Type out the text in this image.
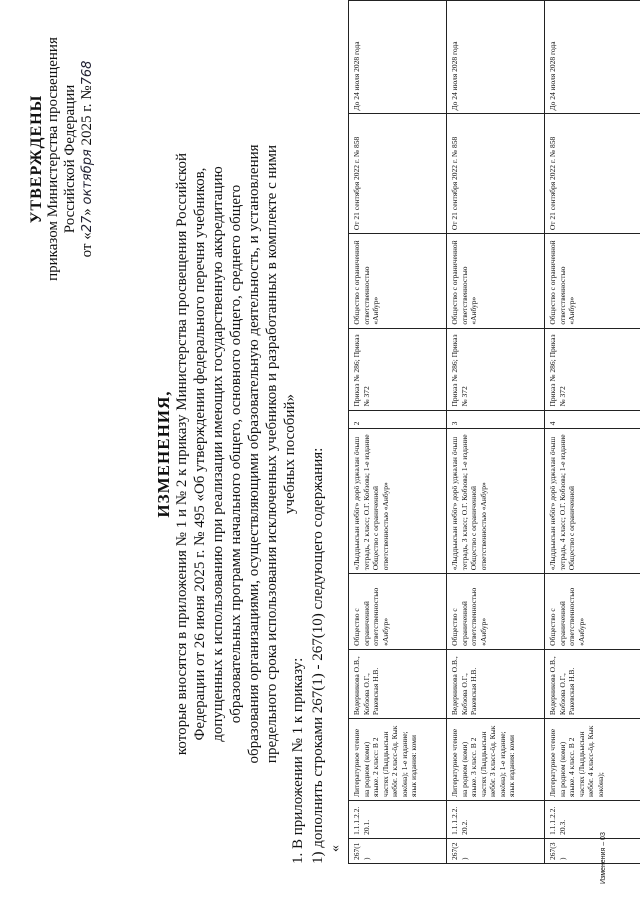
УТВЕРЖДЕНЫ приказом Министерства просвещения Российской Федерации
от «27» октября 2025 г. №768
ИЗМЕНЕНИЯ, которые вносятся в приложения № 1 и № 2 к приказу Министерства просвещения Российской Федерации от 26 июня 2025 г. № 495 «Об утверждении федерального перечня учебников, допущенных к использованию при реализации имеющих государственную аккредитацию образовательных программ начального общего, основного общего, среднего общего образования организациями, осуществляющими образовательную деятельность, и установления предельного срока использования исключенных учебников и разработанных в комплекте с ними учебных пособий»
1. В приложении № 1 к приказу: 1) дополнить строками 267(1) - 267(10) следующего содержания: « 267(1)	1.1.1.2.2.20.1.	Литературное чтение на родном (коми) языке. 2 класс: В 2 частях (Лыддьысьан небӧг. 2 класс-ӧд. Кык юкӧна); 1-е издание; язык издания: коми	Ведерникова О.В., Кобзова О.Г., Ракевская Н.В.	Общество с ограниченной ответственностью «Анбур»	«Лыддьысьан небӧг» дорӧ уджалан ӧчыш тетрадь, 2 класс; О.Г. Кобзова; 1-е издание Общество с ограниченной ответственностью «Анбур»	2	Приказ № 286; Приказ № 372	Общество с ограниченной ответственностью «Анбур»	От 21 сентября 2022 г. № 858	До 24 июля 2028 года
267(2)	1.1.1.2.2.20.2.	Литературное чтение на родном (коми) языке. 3 класс. В 2 частях (Лыддьысьан небӧг. 3 класс-ӧд. Кык юкӧна); 1-е издание; язык издания: коми	Ведерникова О.В., Кобзова О.Г., Ракевская Н.В.	Общество с ограниченной ответственностью «Анбур»	«Лыддьысьан небӧг» дорӧ уджалан ӧчыш тетрадь, 3 класс; О.Г. Кобзова; 1-е издание Общество с ограниченной ответственностью «Анбур»	3	Приказ № 286; Приказ № 372	Общество с ограниченной ответственностью «Анбур»	От 21 сентября 2022 г. № 858	До 24 июля 2028 года
267(3)	1.1.1.2.2.20.3.	Литературное чтение на родном (коми) языке. 4 класс. В 2 частях (Лыддьысьан небӧг. 4 класс-ӧд. Кык юкӧна);	Ведерникова О.В., Кобзова О.Г., Ракевская Н.В.	Общество с ограниченной ответственностью «Анбур»	«Лыддьысьан небӧг» дорӧ уджалан ӧчыш тетрадь, 4 класс; О.Г. Кобзова; 1-е издание Общество с ограниченной	4	Приказ № 286; Приказ № 372	Общество с ограниченной ответственностью «Анбур»	От 21 сентября 2022 г. № 858	До 24 июля 2028 года
Изменения – 03
